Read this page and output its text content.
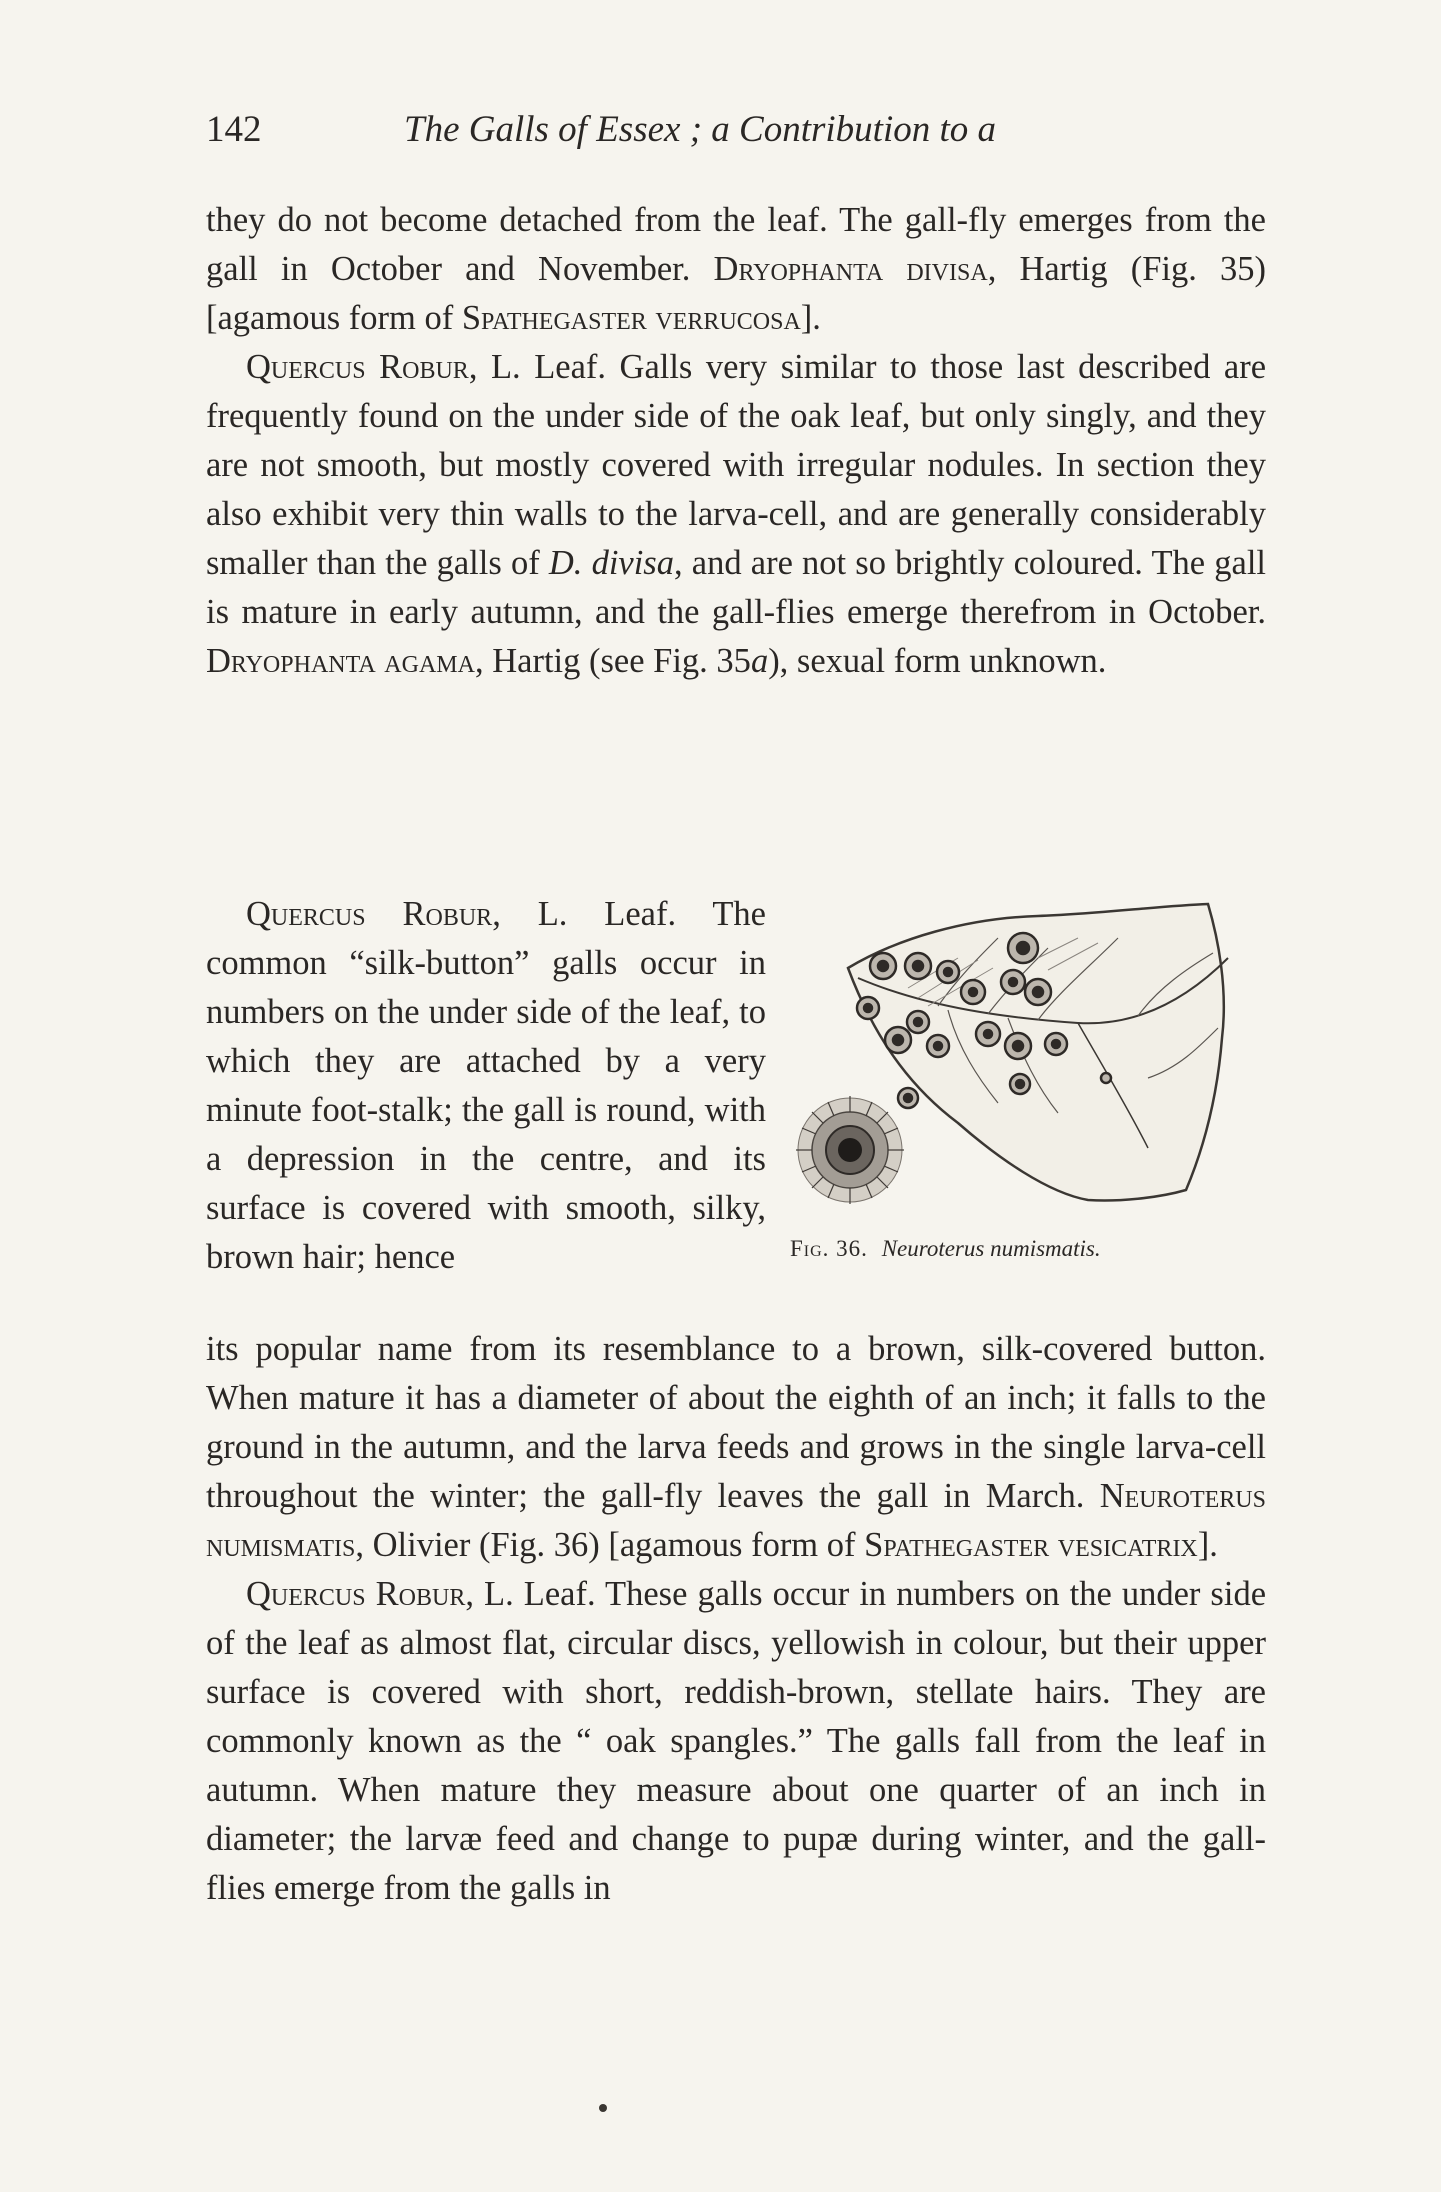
142	The Galls of Essex ; a Contribution to a

they do not become detached from the leaf. The gall-fly emerges from the gall in October and November. Dryophanta divisa, Hartig (Fig. 35) [agamous form of Spathegaster verrucosa].

Quercus Robur, L. Leaf. Galls very similar to those last described are frequently found on the under side of the oak leaf, but only singly, and they are not smooth, but mostly covered with irregular nodules. In section they also exhibit very thin walls to the larva-cell, and are generally considerably smaller than the galls of D. divisa, and are not so brightly coloured. The gall is mature in early autumn, and the gall-flies emerge therefrom in October. Dryophanta agama, Hartig (see Fig. 35a), sexual form unknown.

Quercus Robur, L. Leaf. The common “silk-button” galls occur in numbers on the under side of the leaf, to which they are attached by a very minute foot-stalk; the gall is round, with a depression in the centre, and its surface is covered with smooth, silky, brown hair; hence	Fig. 36. Neuroterus numismatis.

its popular name from its resemblance to a brown, silk-covered button. When mature it has a diameter of about the eighth of an inch; it falls to the ground in the autumn, and the larva feeds and grows in the single larva-cell throughout the winter; the gall-fly leaves the gall in March. Neuroterus numismatis, Olivier (Fig. 36) [agamous form of Spathegaster vesicatrix].

Quercus Robur, L. Leaf. These galls occur in numbers on the under side of the leaf as almost flat, circular discs, yellowish in colour, but their upper surface is covered with short, reddish-brown, stellate hairs. They are commonly known as the “ oak spangles.” The galls fall from the leaf in autumn. When mature they measure about one quarter of an inch in diameter; the larvæ feed and change to pupæ during winter, and the gall-flies emerge from the galls in
